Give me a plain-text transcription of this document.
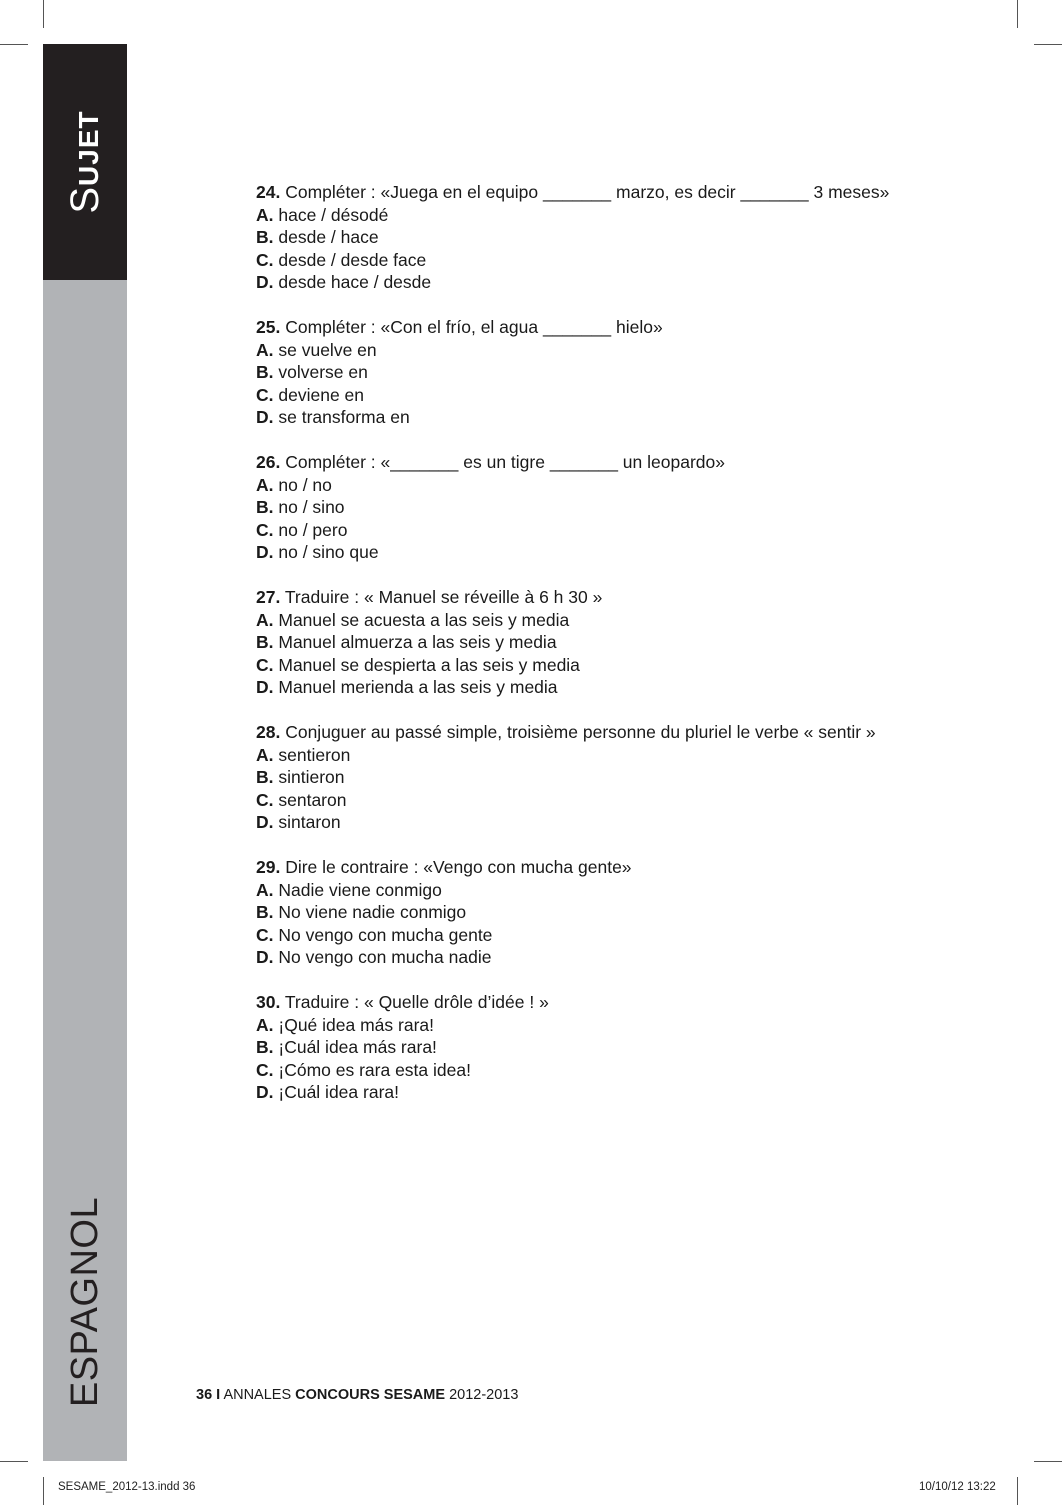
SUJET
ESPAGNOL
24. Compléter : «Juega en el equipo _______ marzo, es decir _______ 3 meses»
A. hace / désodé
B. desde / hace
C. desde / desde face
D. desde hace / desde
25. Compléter : «Con el frío, el agua _______ hielo»
A. se vuelve en
B. volverse en
C. deviene en
D. se transforma en
26. Compléter : «_______ es un tigre _______ un leopardo»
A. no / no
B. no / sino
C. no / pero
D. no / sino que
27. Traduire : « Manuel se réveille à 6 h 30 »
A. Manuel se acuesta a las seis y media
B. Manuel almuerza a las seis y media
C. Manuel se despierta a las seis y media
D. Manuel merienda a las seis y media
28. Conjuguer au passé simple, troisième personne du pluriel le verbe « sentir »
A. sentieron
B. sintieron
C. sentaron
D. sintaron
29. Dire le contraire : «Vengo con mucha gente»
A. Nadie viene conmigo
B. No viene nadie conmigo
C. No vengo con mucha gente
D. No vengo con mucha nadie
30. Traduire : « Quelle drôle d’idée ! »
A. ¡Qué idea más rara!
B. ¡Cuál idea más rara!
C. ¡Cómo es rara esta idea!
D. ¡Cuál idea rara!
36 I ANNALES CONCOURS SESAME 2012-2013
SESAME_2012-13.indd 36	10/10/12 13:22
